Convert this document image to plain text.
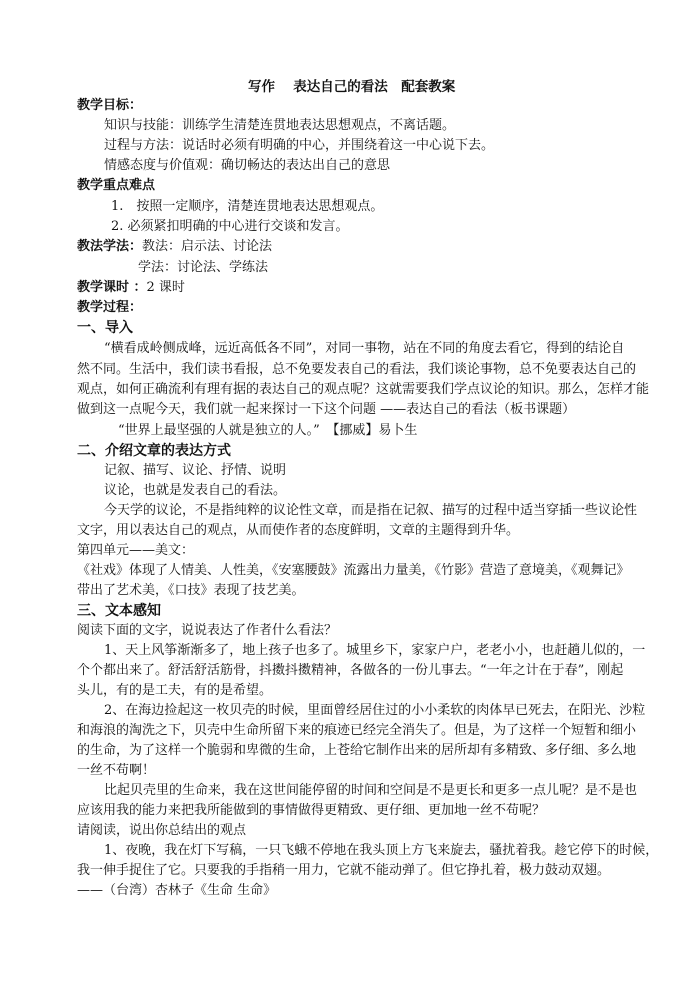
写作　 表达自己的看法　配套教案
教学目标：
知识与技能：训练学生清楚连贯地表达思想观点，不离话题。
过程与方法：说话时必须有明确的中心，并围绕着这一中心说下去。
情感态度与价值观：确切畅达的表达出自己的意思
教学重点难点
1.　按照一定顺序，清楚连贯地表达思想观点。
2. 必须紧扣明确的中心进行交谈和发言。
教法学法：教法：启示法、讨论法
学法：讨论法、学练法
教学课时 ：2 课时
教学过程：
一、导入
“横看成岭侧成峰，远近高低各不同”，对同一事物，站在不同的角度去看它，得到的结论自
然不同。生活中，我们读书看报，总不免要发表自己的看法，我们谈论事物，总不免要表达自己的
观点，如何正确流利有理有据的表达自己的观点呢？这就需要我们学点议论的知识。那么，怎样才能
做到这一点呢今天，我们就一起来探讨一下这个问题 ——表达自己的看法（板书课题）
“世界上最坚强的人就是独立的人。”　 【挪威】易卜生
二、介绍文章的表达方式
记叙、描写、议论、抒情、说明
议论，也就是发表自己的看法。
今天学的议论，不是指纯粹的议论性文章，而是指在记叙、描写的过程中适当穿插一些议论性
文字，用以表达自己的观点，从而使作者的态度鲜明，文章的主题得到升华。
第四单元——美文：
《社戏》体现了人情美、人性美，《安塞腰鼓》流露出力量美，《竹影》营造了意境美，《观舞记》
带出了艺术美，《口技》表现了技艺美。
三、文本感知
阅读下面的文字，说说表达了作者什么看法？
1、天上风筝渐渐多了，地上孩子也多了。城里乡下，家家户户，老老小小，也赶趟儿似的，一
个个都出来了。舒活舒活筋骨，抖擞抖擞精神，各做各的一份儿事去。“一年之计在于春”，刚起
头儿，有的是工夫，有的是希望。
2、在海边捡起这一枚贝壳的时候，里面曾经居住过的小小柔软的肉体早已死去，在阳光、沙粒
和海浪的淘洗之下，贝壳中生命所留下来的痕迹已经完全消失了。但是，为了这样一个短暂和细小
的生命，为了这样一个脆弱和卑微的生命，上苍给它制作出来的居所却有多精致、多仔细、多么地
一丝不苟啊！
比起贝壳里的生命来，我在这世间能停留的时间和空间是不是更长和更多一点儿呢？是不是也
应该用我的能力来把我所能做到的事情做得更精致、更仔细、更加地一丝不苟呢？
请阅读，说出你总结出的观点
1、夜晚，我在灯下写稿，一只飞蛾不停地在我头顶上方飞来旋去，骚扰着我。趁它停下的时候，
我一伸手捉住了它。只要我的手指稍一用力，它就不能动弹了。但它挣扎着，极力鼓动双翅。
——（台湾）杏林子《生命 生命》
